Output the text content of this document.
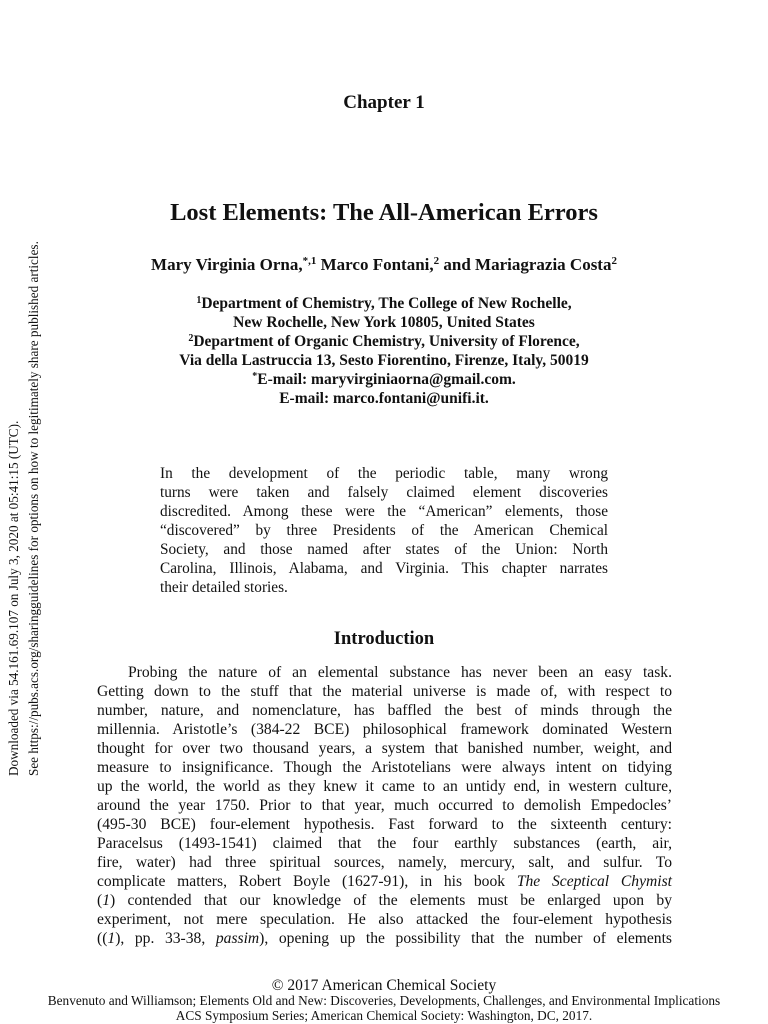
Downloaded via 54.161.69.107 on July 3, 2020 at 05:41:15 (UTC). See https://pubs.acs.org/sharingguidelines for options on how to legitimately share published articles.
Chapter 1
Lost Elements: The All-American Errors
Mary Virginia Orna,$^{*,1}$ Marco Fontani,$^2$ and Mariagrazia Costa$^2$
$^1$Department of Chemistry, The College of New Rochelle,
New Rochelle, New York 10805, United States
$^2$Department of Organic Chemistry, University of Florence,
Via della Lastruccia 13, Sesto Fiorentino, Firenze, Italy, 50019
*E-mail: maryvirginiaorna@gmail.com.
E-mail: marco.fontani@unifi.it.
In the development of the periodic table, many wrong
turns were taken and falsely claimed element discoveries
discredited. Among these were the “American” elements, those
“discovered” by three Presidents of the American Chemical
Society, and those named after states of the Union: North
Carolina, Illinois, Alabama, and Virginia. This chapter narrates
their detailed stories.
Introduction
Probing the nature of an elemental substance has never been an easy task.
Getting down to the stuff that the material universe is made of, with respect to
number, nature, and nomenclature, has baffled the best of minds through the
millennia. Aristotle’s (384-22 BCE) philosophical framework dominated Western
thought for over two thousand years, a system that banished number, weight, and
measure to insignificance. Though the Aristotelians were always intent on tidying
up the world, the world as they knew it came to an untidy end, in western culture,
around the year 1750. Prior to that year, much occurred to demolish Empedocles’
(495-30 BCE) four-element hypothesis. Fast forward to the sixteenth century:
Paracelsus (1493-1541) claimed that the four earthly substances (earth, air,
fire, water) had three spiritual sources, namely, mercury, salt, and sulfur. To
complicate matters, Robert Boyle (1627-91), in his book The Sceptical Chymist
(1) contended that our knowledge of the elements must be enlarged upon by
experiment, not mere speculation. He also attacked the four-element hypothesis
((1), pp. 33-38, passim), opening up the possibility that the number of elements
© 2017 American Chemical Society
Benvenuto and Williamson; Elements Old and New: Discoveries, Developments, Challenges, and Environmental Implications
ACS Symposium Series; American Chemical Society: Washington, DC, 2017.
